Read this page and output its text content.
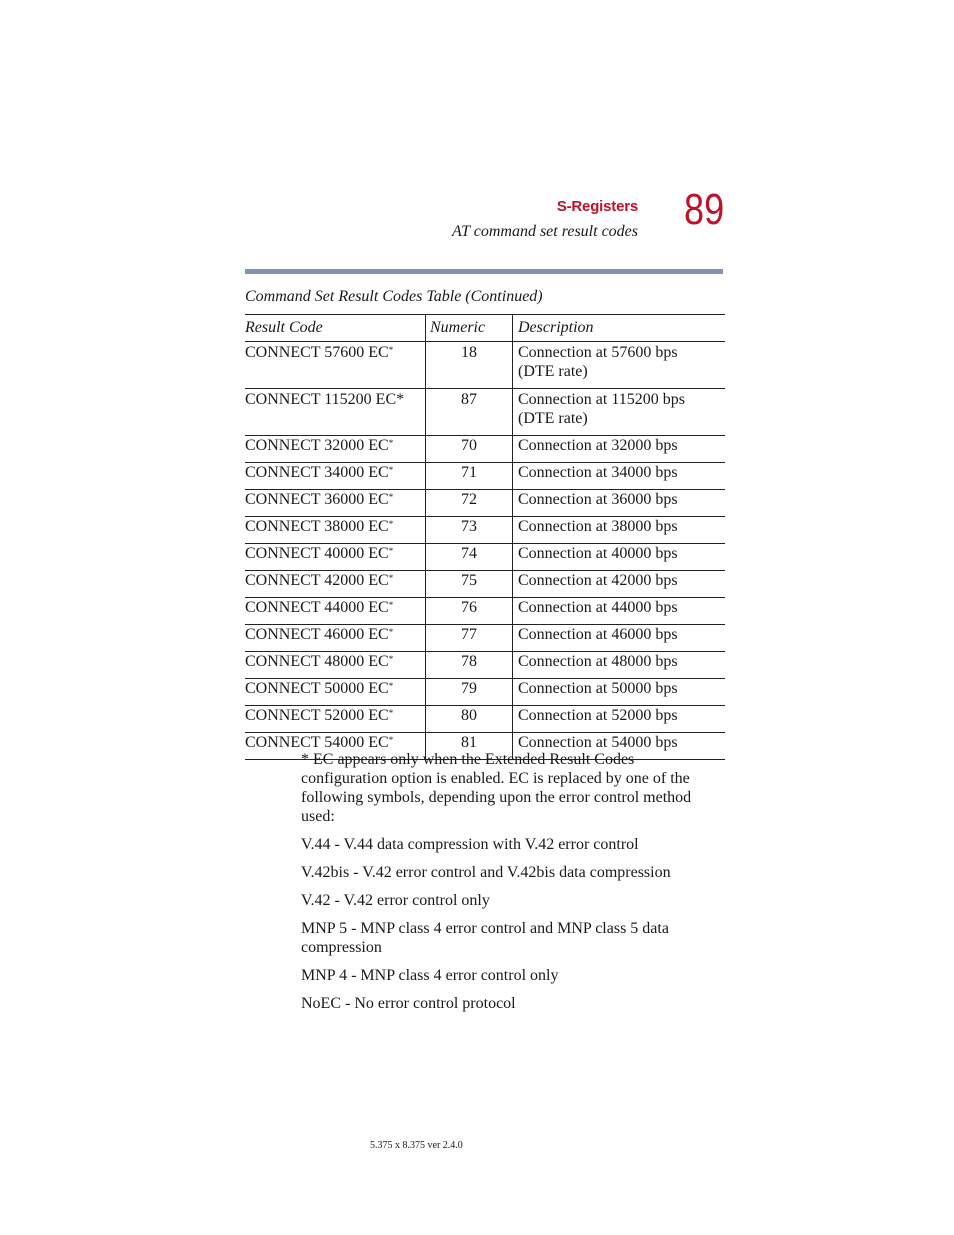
S-Registers
AT command set result codes 89
Command Set Result Codes Table (Continued)
Result Code	Numeric	Description
CONNECT 57600 EC*	18	Connection at 57600 bps
(DTE rate)

CONNECT 115200 EC*	87	Connection at 115200 bps
(DTE rate)

CONNECT 32000 EC*	70	Connection at 32000 bps

CONNECT 34000 EC*	71	Connection at 34000 bps

CONNECT 36000 EC*	72	Connection at 36000 bps

CONNECT 38000 EC*	73	Connection at 38000 bps

CONNECT 40000 EC*	74	Connection at 40000 bps

CONNECT 42000 EC*	75	Connection at 42000 bps

CONNECT 44000 EC*	76	Connection at 44000 bps

CONNECT 46000 EC*	77	Connection at 46000 bps

CONNECT 48000 EC*	78	Connection at 48000 bps

CONNECT 50000 EC*	79	Connection at 50000 bps

CONNECT 52000 EC*	80	Connection at 52000 bps

CONNECT 54000 EC*	81	Connection at 54000 bps

* EC appears only when the Extended Result Codes configuration option is enabled. EC is replaced by one of the following symbols, depending upon the error control method used:

V.44 - V.44 data compression with V.42 error control

V.42bis - V.42 error control and V.42bis data compression

V.42 - V.42 error control only

MNP 5 - MNP class 4 error control and MNP class 5 data compression

MNP 4 - MNP class 4 error control only

NoEC - No error control protocol

5.375 x 8.375 ver 2.4.0
